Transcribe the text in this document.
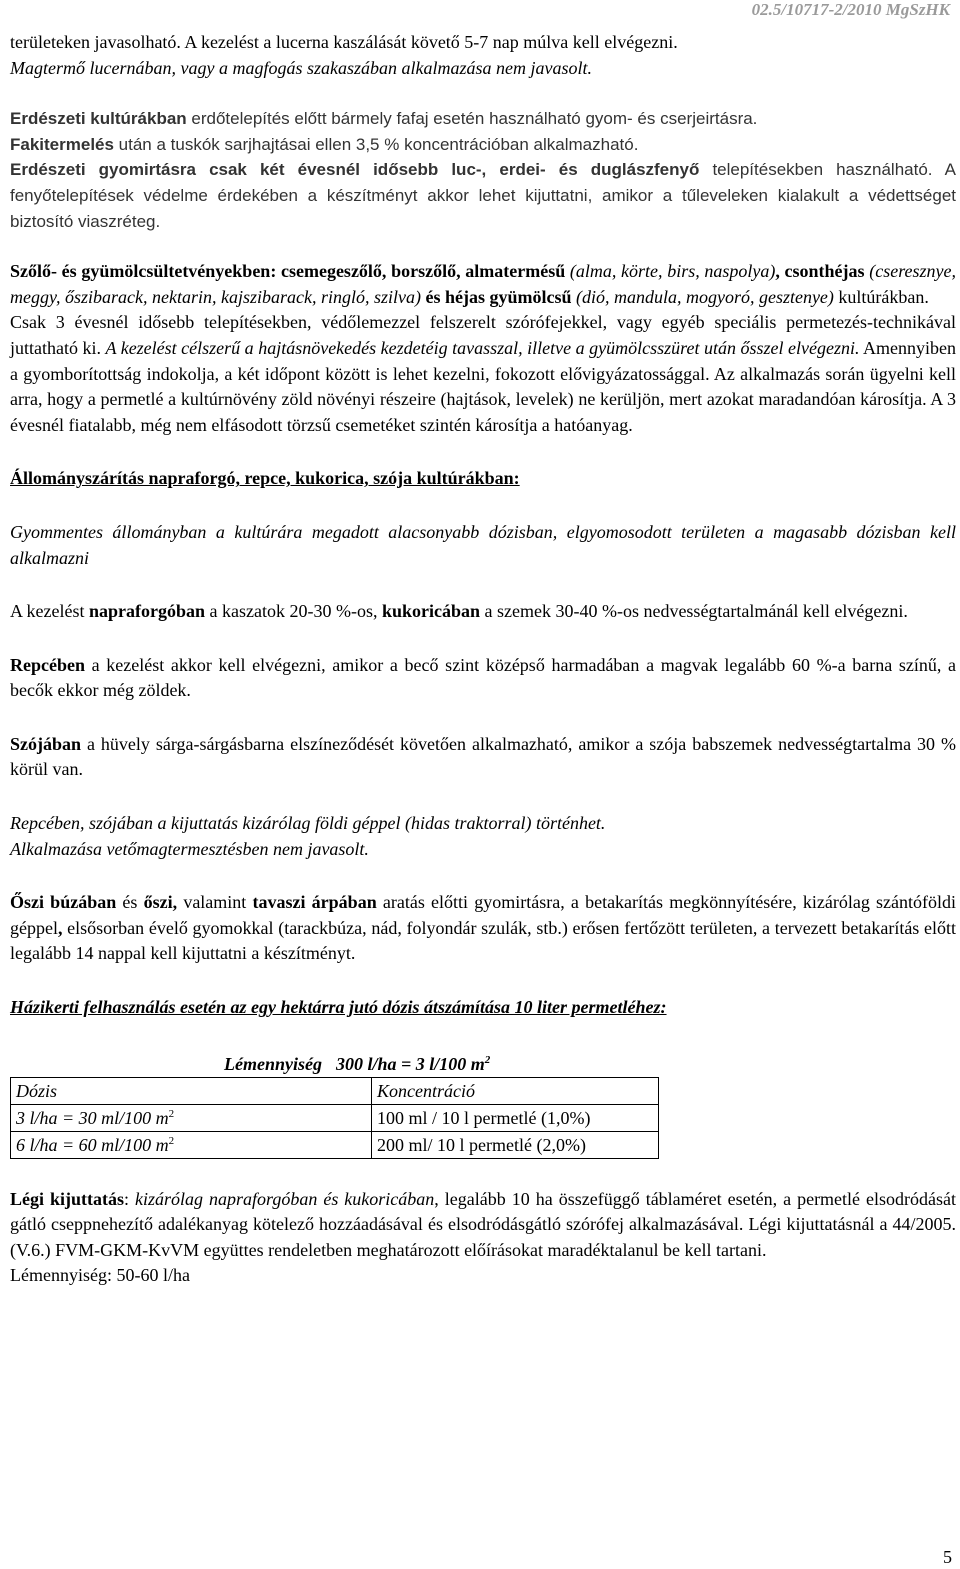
02.5/10717-2/2010 MgSzHK

területeken javasolható. A kezelést a lucerna kaszálását követő 5-7 nap múlva kell elvégezni.
Magtermő lucernában, vagy a magfogás szakaszában alkalmazása nem javasolt.

Erdészeti kultúrákban erdőtelepítés előtt bármely fafaj esetén használható gyom- és cserjeirtásra.

Fakitermelés után a tuskók sarjhajtásai ellen 3,5 % koncentrációban alkalmazható.

Erdészeti gyomirtásra csak két évesnél idősebb luc-, erdei- és duglászfenyő telepítésekben használható. A fenyőtelepítések védelme érdekében a készítményt akkor lehet kijuttatni, amikor a tűleveleken kialakult a védettséget biztosító viaszréteg.

Szőlő- és gyümölcsültetvényekben: csemegeszőlő, borszőlő, almatermésű (alma, körte, birs, naspolya), csonthéjas (cseresznye, meggy, őszibarack, nektarin, kajszibarack, ringló, szilva) és héjas gyümölcsű (dió, mandula, mogyoró, gesztenye) kultúrákban.

Csak 3 évesnél idősebb telepítésekben, védőlemezzel felszerelt szórófejekkel, vagy egyéb speciális permetezés-technikával juttatható ki. A kezelést célszerű a hajtásnövekedés kezdetéig tavasszal, illetve a gyümölcsszüret után ősszel elvégezni. Amennyiben a gyomborítottság indokolja, a két időpont között is lehet kezelni, fokozott elővigyázatossággal. Az alkalmazás során ügyelni kell arra, hogy a permetlé a kultúrnövény zöld növényi részeire (hajtások, levelek) ne kerüljön, mert azokat maradandóan károsítja. A 3 évesnél fiatalabb, még nem elfásodott törzsű csemetéket szintén károsítja a hatóanyag.

Állományszárítás napraforgó, repce, kukorica, szója kultúrákban:

Gyommentes állományban a kultúrára megadott alacsonyabb dózisban, elgyomosodott területen a magasabb dózisban kell alkalmazni

A kezelést napraforgóban a kaszatok 20-30 %-os, kukoricában a szemek 30-40 %-os nedvességtartalmánál kell elvégezni.

Repcében a kezelést akkor kell elvégezni, amikor a becő szint középső harmadában a magvak legalább 60 %-a barna színű, a becők ekkor még zöldek.

Szójában a hüvely sárga-sárgásbarna elszíneződését követően alkalmazható, amikor a szója babszemek nedvességtartalma 30 % körül van.

Repcében, szójában a kijuttatás kizárólag földi géppel (hidas traktorral) történhet.
Alkalmazása vetőmagtermesztésben nem javasolt.

Őszi búzában és őszi, valamint tavaszi árpában aratás előtti gyomirtásra, a betakarítás megkönnyítésére, kizárólag szántóföldi géppel, elsősorban évelő gyomokkal (tarackbúza, nád, folyondár szulák, stb.) erősen fertőzött területen, a tervezett betakarítás előtt legalább 14 nappal kell kijuttatni a készítményt.

Házikerti felhasználás esetén az egy hektárra jutó dózis átszámítása 10 liter permetléhez:

Lémennyiség 300 l/ha = 3 l/100 $m^2$
Dózis	Koncentráció
3 l/ha = 30 ml/100 $m^2$	100 ml / 10 l permetlé (1,0%)
6 l/ha = 60 ml/100 $m^2$	200 ml/ 10 l permetlé (2,0%)

Légi kijuttatás: kizárólag napraforgóban és kukoricában, legalább 10 ha összefüggő táblaméret esetén, a permetlé elsodródását gátló cseppnehezítő adalékanyag kötelező hozzáadásával és elsodródásgátló szórófej alkalmazásával. Légi kijuttatásnál a 44/2005.(V.6.) FVM-GKM-KvVM együttes rendeletben meghatározott előírásokat maradéktalanul be kell tartani.

Lémennyiség: 50-60 l/ha

5
